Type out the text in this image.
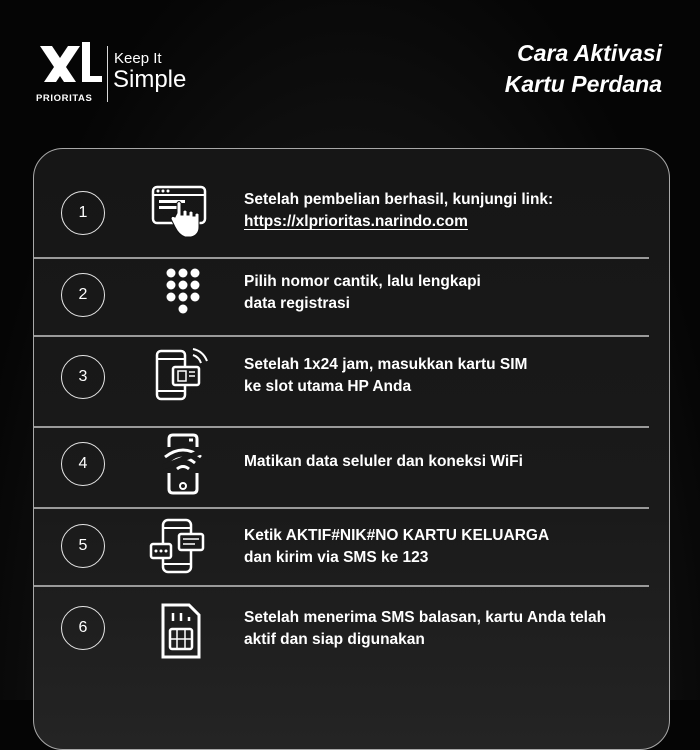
PRIORITAS
Keep It
Simple
Cara Aktivasi
Kartu Perdana
1
Setelah pembelian berhasil, kunjungi link:
https://xlprioritas.narindo.com
2
Pilih nomor cantik, lalu lengkapi
data registrasi
3
Setelah 1x24 jam, masukkan kartu SIM
ke slot utama HP Anda
4	Matikan data seluler dan koneksi WiFi
5
Ketik AKTIF#NIK#NO KARTU KELUARGA
dan kirim via SMS ke 123
6
Setelah menerima SMS balasan, kartu Anda telah
aktif dan siap digunakan
